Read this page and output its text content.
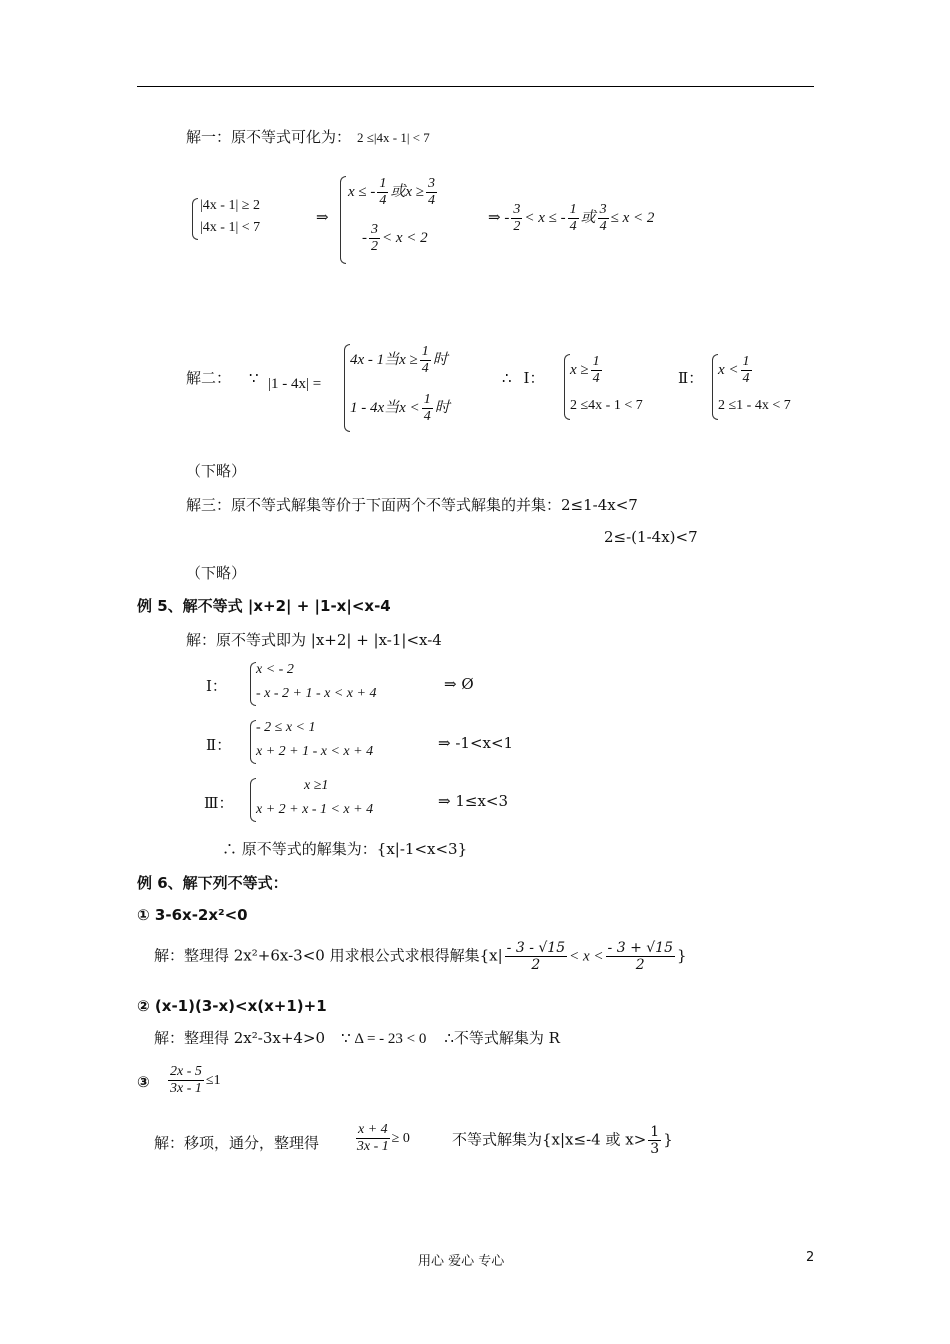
解一：原不等式可化为： 2 ≤|4x - 1| < 7
|4x - 1| ≥ 2
|4x - 1| < 7
⇒
x ≤ - $\frac{1}{4}$ 或$x \ge \frac{3}{4}$
- $\frac{3}{2} < x < 2$
⇒ - $\frac{3}{2} < x$ ≤ - $\frac{1}{4}$ 或 $\frac{3}{4} \le x < 2$
解二： ∵ |1 - 4x| =
4x - 1当$x \ge \frac{1}{4}$ 时
1 - 4x当$x < \frac{1}{4}$ 时
∴ Ⅰ： $x \ge \frac{1}{4}$
2 ≤4x - 1 < 7
Ⅱ： $x < \frac{1}{4}$
2 ≤1 - 4x < 7
（下略）
解三：原不等式解集等价于下面两个不等式解集的并集：2≤1-4x<7
2≤-(1-4x)<7
（下略）
例 5、解不等式 |x+2| + |1-x|<x-4
解：原不等式即为 |x+2| + |x-1|<x-4
Ⅰ：
x < - 2
- x - 2 + 1 - x < x + 4
⇒ Ø
Ⅱ：
- 2 ≤ x < 1
x + 2 + 1 - x < x + 4	⇒ -1<x<1
Ⅲ：
x ≥1
x + 2 + x - 1 < x + 4	⇒ 1≤x<3
∴ 原不等式的解集为：{x|-1<x<3}
例 6、解下列不等式：
① 3-6x-2x²<0
解：整理得 2x²+6x-3<0 用求根公式求根得解集{$x| \frac{- 3 - √15}{2} < x < \frac{- 3 + √15}{2}$ }
② (x-1)(3-x)<x(x+1)+1
解：整理得 2x²-3x+4>0 ∵ Δ = - 23 < 0 ∴不等式解集为 R
③ $\frac{2x - 5}{3x - 1} \le 1$
解：移项，通分，整理得	$\frac{x + 4}{3x - 1} \ge 0$	不等式解集为{x|x≤-4 或 $x> \frac{1}{3}$ }
用心 爱心 专心	2
